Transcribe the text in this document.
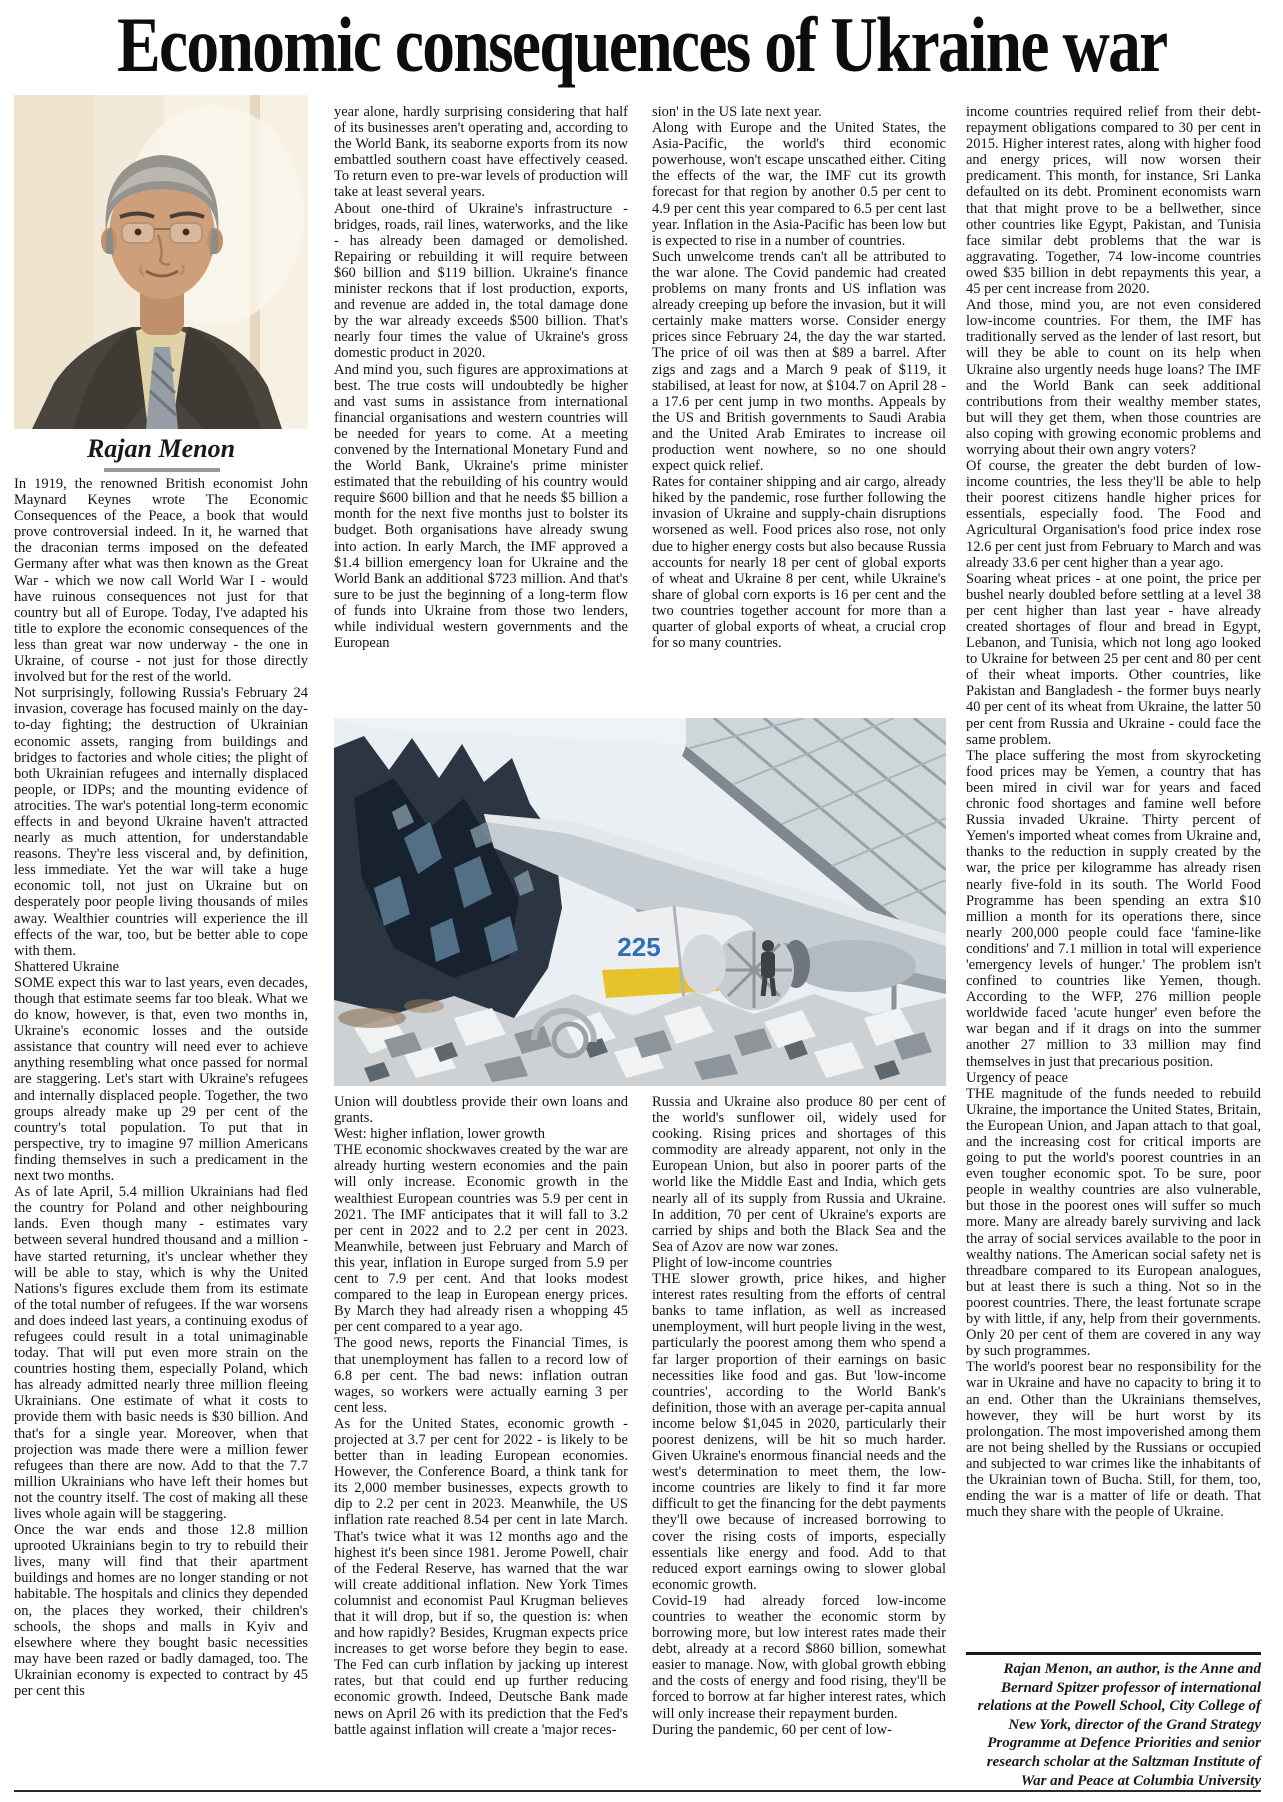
Economic consequences of Ukraine war
Rajan Menon

In 1919, the renowned British economist John Maynard Keynes wrote The Economic Consequences of the Peace, a book that would prove controversial indeed. In it, he warned that the draconian terms imposed on the defeated Germany after what was then known as the Great War - which we now call World War I - would have ruinous consequences not just for that country but all of Europe. Today, I've adapted his title to explore the economic consequences of the less than great war now underway - the one in Ukraine, of course - not just for those directly involved but for the rest of the world.

Not surprisingly, following Russia's February 24 invasion, coverage has focused mainly on the day-to-day fighting; the destruction of Ukrainian economic assets, ranging from buildings and bridges to factories and whole cities; the plight of both Ukrainian refugees and internally displaced people, or IDPs; and the mounting evidence of atrocities. The war's potential long-term economic effects in and beyond Ukraine haven't attracted nearly as much attention, for understandable reasons. They're less visceral and, by definition, less immediate. Yet the war will take a huge economic toll, not just on Ukraine but on desperately poor people living thousands of miles away. Wealthier countries will experience the ill effects of the war, too, but be better able to cope with them.

Shattered Ukraine

SOME expect this war to last years, even decades, though that estimate seems far too bleak. What we do know, however, is that, even two months in, Ukraine's economic losses and the outside assistance that country will need ever to achieve anything resembling what once passed for normal are staggering. Let's start with Ukraine's refugees and internally displaced people. Together, the two groups already make up 29 per cent of the country's total population. To put that in perspective, try to imagine 97 million Americans finding themselves in such a predicament in the next two months.

As of late April, 5.4 million Ukrainians had fled the country for Poland and other neighbouring lands. Even though many - estimates vary between several hundred thousand and a million - have started returning, it's unclear whether they will be able to stay, which is why the United Nations's figures exclude them from its estimate of the total number of refugees. If the war worsens and does indeed last years, a continuing exodus of refugees could result in a total unimaginable today. That will put even more strain on the countries hosting them, especially Poland, which has already admitted nearly three million fleeing Ukrainians. One estimate of what it costs to provide them with basic needs is $30 billion. And that's for a single year. Moreover, when that projection was made there were a million fewer refugees than there are now. Add to that the 7.7 million Ukrainians who have left their homes but not the country itself. The cost of making all these lives whole again will be staggering.

Once the war ends and those 12.8 million uprooted Ukrainians begin to try to rebuild their lives, many will find that their apartment buildings and homes are no longer standing or not habitable. The hospitals and clinics they depended on, the places they worked, their children's schools, the shops and malls in Kyiv and elsewhere where they bought basic necessities may have been razed or badly damaged, too. The Ukrainian economy is expected to contract by 45 per cent this

year alone, hardly surprising considering that half of its businesses aren't operating and, according to the World Bank, its seaborne exports from its now embattled southern coast have effectively ceased. To return even to pre-war levels of production will take at least several years.

About one-third of Ukraine's infrastructure - bridges, roads, rail lines, waterworks, and the like - has already been damaged or demolished. Repairing or rebuilding it will require between $60 billion and $119 billion. Ukraine's finance minister reckons that if lost production, exports, and revenue are added in, the total damage done by the war already exceeds $500 billion. That's nearly four times the value of Ukraine's gross domestic product in 2020.

And mind you, such figures are approximations at best. The true costs will undoubtedly be higher and vast sums in assistance from international financial organisations and western countries will be needed for years to come. At a meeting convened by the International Monetary Fund and the World Bank, Ukraine's prime minister estimated that the rebuilding of his country would require $600 billion and that he needs $5 billion a month for the next five months just to bolster its budget. Both organisations have already swung into action. In early March, the IMF approved a $1.4 billion emergency loan for Ukraine and the World Bank an additional $723 million. And that's sure to be just the beginning of a long-term flow of funds into Ukraine from those two lenders, while individual western governments and the European

sion' in the US late next year.

Along with Europe and the United States, the Asia-Pacific, the world's third economic powerhouse, won't escape unscathed either. Citing the effects of the war, the IMF cut its growth forecast for that region by another 0.5 per cent to 4.9 per cent this year compared to 6.5 per cent last year. Inflation in the Asia-Pacific has been low but is expected to rise in a number of countries.

Such unwelcome trends can't all be attributed to the war alone. The Covid pandemic had created problems on many fronts and US inflation was already creeping up before the invasion, but it will certainly make matters worse. Consider energy prices since February 24, the day the war started. The price of oil was then at $89 a barrel. After zigs and zags and a March 9 peak of $119, it stabilised, at least for now, at $104.7 on April 28 - a 17.6 per cent jump in two months. Appeals by the US and British governments to Saudi Arabia and the United Arab Emirates to increase oil production went nowhere, so no one should expect quick relief.

Rates for container shipping and air cargo, already hiked by the pandemic, rose further following the invasion of Ukraine and supply-chain disruptions worsened as well. Food prices also rose, not only due to higher energy costs but also because Russia accounts for nearly 18 per cent of global exports of wheat and Ukraine 8 per cent, while Ukraine's share of global corn exports is 16 per cent and the two countries together account for more than a quarter of global exports of wheat, a crucial crop for so many countries.

225

Union will doubtless provide their own loans and grants.

West: higher inflation, lower growth

THE economic shockwaves created by the war are already hurting western economies and the pain will only increase. Economic growth in the wealthiest European countries was 5.9 per cent in 2021. The IMF anticipates that it will fall to 3.2 per cent in 2022 and to 2.2 per cent in 2023. Meanwhile, between just February and March of this year, inflation in Europe surged from 5.9 per cent to 7.9 per cent. And that looks modest compared to the leap in European energy prices. By March they had already risen a whopping 45 per cent compared to a year ago.

The good news, reports the Financial Times, is that unemployment has fallen to a record low of 6.8 per cent. The bad news: inflation outran wages, so workers were actually earning 3 per cent less.

As for the United States, economic growth - projected at 3.7 per cent for 2022 - is likely to be better than in leading European economies. However, the Conference Board, a think tank for its 2,000 member businesses, expects growth to dip to 2.2 per cent in 2023. Meanwhile, the US inflation rate reached 8.54 per cent in late March. That's twice what it was 12 months ago and the highest it's been since 1981. Jerome Powell, chair of the Federal Reserve, has warned that the war will create additional inflation. New York Times columnist and economist Paul Krugman believes that it will drop, but if so, the question is: when and how rapidly? Besides, Krugman expects price increases to get worse before they begin to ease. The Fed can curb inflation by jacking up interest rates, but that could end up further reducing economic growth. Indeed, Deutsche Bank made news on April 26 with its prediction that the Fed's battle against inflation will create a 'major reces-

Russia and Ukraine also produce 80 per cent of the world's sunflower oil, widely used for cooking. Rising prices and shortages of this commodity are already apparent, not only in the European Union, but also in poorer parts of the world like the Middle East and India, which gets nearly all of its supply from Russia and Ukraine. In addition, 70 per cent of Ukraine's exports are carried by ships and both the Black Sea and the Sea of Azov are now war zones.

Plight of low-income countries

THE slower growth, price hikes, and higher interest rates resulting from the efforts of central banks to tame inflation, as well as increased unemployment, will hurt people living in the west, particularly the poorest among them who spend a far larger proportion of their earnings on basic necessities like food and gas. But 'low-income countries', according to the World Bank's definition, those with an average per-capita annual income below $1,045 in 2020, particularly their poorest denizens, will be hit so much harder. Given Ukraine's enormous financial needs and the west's determination to meet them, the low-income countries are likely to find it far more difficult to get the financing for the debt payments they'll owe because of increased borrowing to cover the rising costs of imports, especially essentials like energy and food. Add to that reduced export earnings owing to slower global economic growth.

Covid-19 had already forced low-income countries to weather the economic storm by borrowing more, but low interest rates made their debt, already at a record $860 billion, somewhat easier to manage. Now, with global growth ebbing and the costs of energy and food rising, they'll be forced to borrow at far higher interest rates, which will only increase their repayment burden.

During the pandemic, 60 per cent of low-

income countries required relief from their debt-repayment obligations compared to 30 per cent in 2015. Higher interest rates, along with higher food and energy prices, will now worsen their predicament. This month, for instance, Sri Lanka defaulted on its debt. Prominent economists warn that that might prove to be a bellwether, since other countries like Egypt, Pakistan, and Tunisia face similar debt problems that the war is aggravating. Together, 74 low-income countries owed $35 billion in debt repayments this year, a 45 per cent increase from 2020.

And those, mind you, are not even considered low-income countries. For them, the IMF has traditionally served as the lender of last resort, but will they be able to count on its help when Ukraine also urgently needs huge loans? The IMF and the World Bank can seek additional contributions from their wealthy member states, but will they get them, when those countries are also coping with growing economic problems and worrying about their own angry voters?

Of course, the greater the debt burden of low-income countries, the less they'll be able to help their poorest citizens handle higher prices for essentials, especially food. The Food and Agricultural Organisation's food price index rose 12.6 per cent just from February to March and was already 33.6 per cent higher than a year ago.

Soaring wheat prices - at one point, the price per bushel nearly doubled before settling at a level 38 per cent higher than last year - have already created shortages of flour and bread in Egypt, Lebanon, and Tunisia, which not long ago looked to Ukraine for between 25 per cent and 80 per cent of their wheat imports. Other countries, like Pakistan and Bangladesh - the former buys nearly 40 per cent of its wheat from Ukraine, the latter 50 per cent from Russia and Ukraine - could face the same problem.

The place suffering the most from skyrocketing food prices may be Yemen, a country that has been mired in civil war for years and faced chronic food shortages and famine well before Russia invaded Ukraine. Thirty percent of Yemen's imported wheat comes from Ukraine and, thanks to the reduction in supply created by the war, the price per kilogramme has already risen nearly five-fold in its south. The World Food Programme has been spending an extra $10 million a month for its operations there, since nearly 200,000 people could face 'famine-like conditions' and 7.1 million in total will experience 'emergency levels of hunger.' The problem isn't confined to countries like Yemen, though. According to the WFP, 276 million people worldwide faced 'acute hunger' even before the war began and if it drags on into the summer another 27 million to 33 million may find themselves in just that precarious position.

Urgency of peace

THE magnitude of the funds needed to rebuild Ukraine, the importance the United States, Britain, the European Union, and Japan attach to that goal, and the increasing cost for critical imports are going to put the world's poorest countries in an even tougher economic spot. To be sure, poor people in wealthy countries are also vulnerable, but those in the poorest ones will suffer so much more. Many are already barely surviving and lack the array of social services available to the poor in wealthy nations. The American social safety net is threadbare compared to its European analogues, but at least there is such a thing. Not so in the poorest countries. There, the least fortunate scrape by with little, if any, help from their governments. Only 20 per cent of them are covered in any way by such programmes.

The world's poorest bear no responsibility for the war in Ukraine and have no capacity to bring it to an end. Other than the Ukrainians themselves, however, they will be hurt worst by its prolongation. The most impoverished among them are not being shelled by the Russians or occupied and subjected to war crimes like the inhabitants of the Ukrainian town of Bucha. Still, for them, too, ending the war is a matter of life or death. That much they share with the people of Ukraine.

Rajan Menon, an author, is the Anne and Bernard Spitzer professor of international relations at the Powell School, City College of New York, director of the Grand Strategy Programme at Defence Priorities and senior research scholar at the Saltzman Institute of War and Peace at Columbia University
